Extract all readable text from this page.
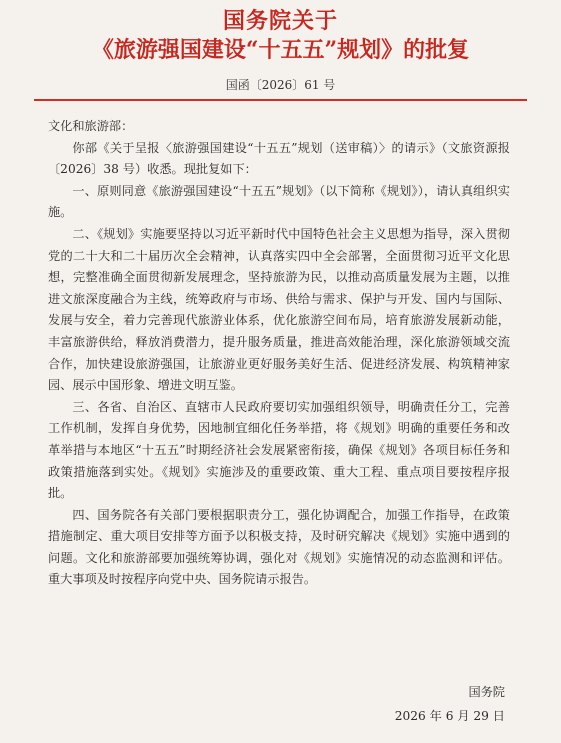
国务院关于
《旅游强国建设“十五五”规划》的批复
国函〔2026〕61 号

文化和旅游部：

你部《关于呈报〈旅游强国建设“十五五”规划（送审稿）〉的请示》（文旅资源报〔2026〕38 号）收悉。现批复如下：

一、原则同意《旅游强国建设“十五五”规划》（以下简称《规划》），请认真组织实施。

二、《规划》实施要坚持以习近平新时代中国特色社会主义思想为指导，深入贯彻党的二十大和二十届历次全会精神，认真落实四中全会部署，全面贯彻习近平文化思想，完整准确全面贯彻新发展理念，坚持旅游为民，以推动高质量发展为主题，以推进文旅深度融合为主线，统筹政府与市场、供给与需求、保护与开发、国内与国际、发展与安全，着力完善现代旅游业体系，优化旅游空间布局，培育旅游发展新动能，丰富旅游供给，释放消费潜力，提升服务质量，推进高效能治理，深化旅游领域交流合作，加快建设旅游强国，让旅游业更好服务美好生活、促进经济发展、构筑精神家园、展示中国形象、增进文明互鉴。

三、各省、自治区、直辖市人民政府要切实加强组织领导，明确责任分工，完善工作机制，发挥自身优势，因地制宜细化任务举措，将《规划》明确的重要任务和改革举措与本地区“十五五”时期经济社会发展紧密衔接，确保《规划》各项目标任务和政策措施落到实处。《规划》实施涉及的重要政策、重大工程、重点项目要按程序报批。

四、国务院各有关部门要根据职责分工，强化协调配合，加强工作指导，在政策措施制定、重大项目安排等方面予以积极支持，及时研究解决《规划》实施中遇到的问题。文化和旅游部要加强统筹协调，强化对《规划》实施情况的动态监测和评估。重大事项及时按程序向党中央、国务院请示报告。

国务院
2026 年 6 月 29 日
